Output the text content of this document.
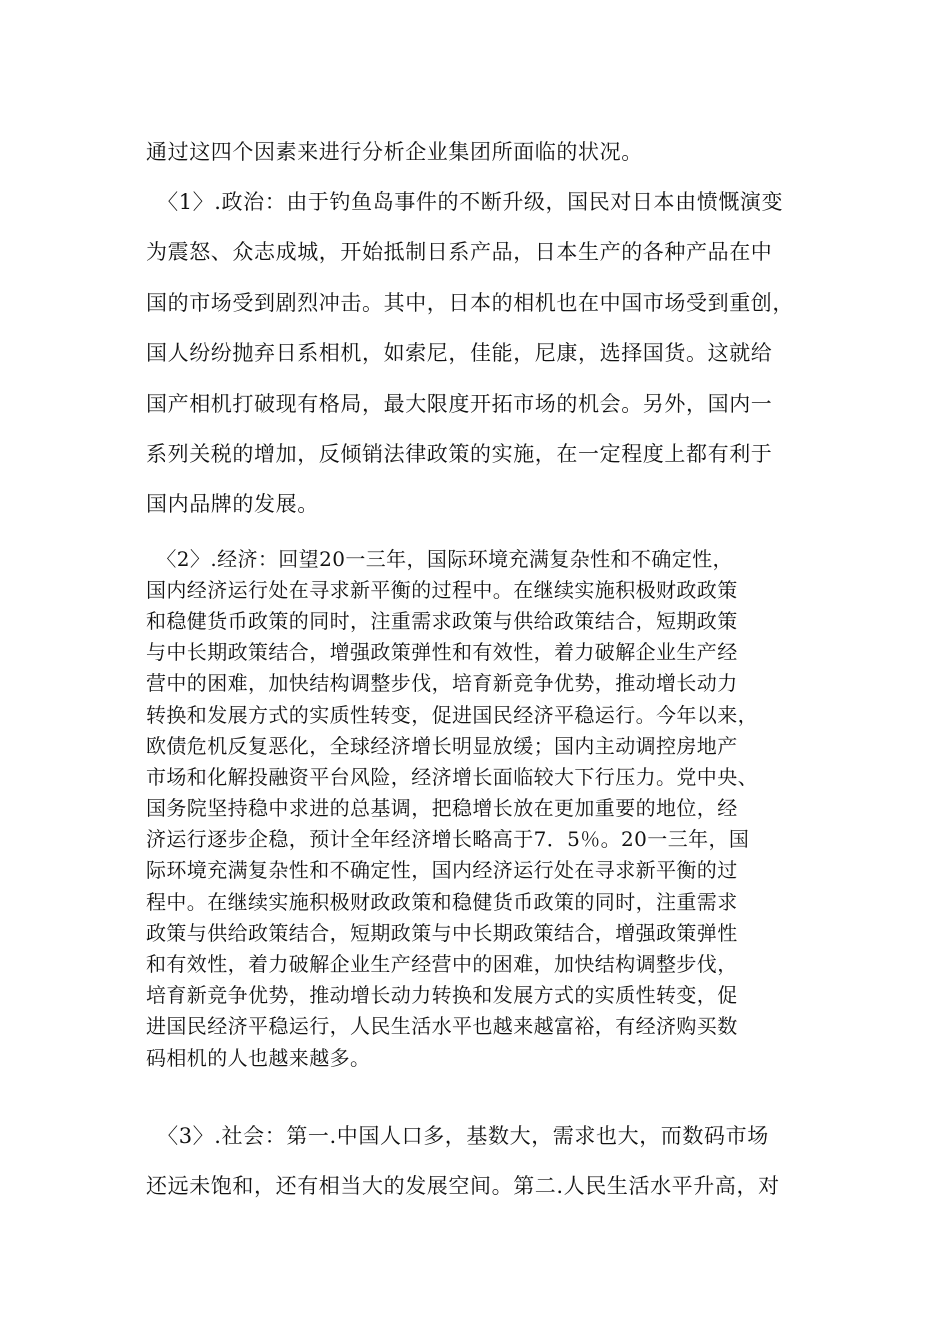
通过这四个因素来进行分析企业集团所面临的状况。
　〈1〉.政治：由于钓鱼岛事件的不断升级，国民对日本由愤慨演变
为震怒、众志成城，开始抵制日系产品，日本生产的各种产品在中
国的市场受到剧烈冲击。其中，日本的相机也在中国市场受到重创，
国人纷纷抛弃日系相机，如索尼，佳能，尼康，选择国货。这就给
国产相机打破现有格局，最大限度开拓市场的机会。另外，国内一
系列关税的增加，反倾销法律政策的实施，在一定程度上都有利于
国内品牌的发展。
　〈2〉.经济：回望20一三年，国际环境充满复杂性和不确定性，
国内经济运行处在寻求新平衡的过程中。在继续实施积极财政政策
和稳健货币政策的同时，注重需求政策与供给政策结合，短期政策
与中长期政策结合，增强政策弹性和有效性，着力破解企业生产经
营中的困难，加快结构调整步伐，培育新竞争优势，推动增长动力
转换和发展方式的实质性转变，促进国民经济平稳运行。今年以来，
欧债危机反复恶化，全球经济增长明显放缓；国内主动调控房地产
市场和化解投融资平台风险，经济增长面临较大下行压力。党中央、
国务院坚持稳中求进的总基调，把稳增长放在更加重要的地位，经
济运行逐步企稳，预计全年经济增长略高于7．5％。20一三年，国
际环境充满复杂性和不确定性，国内经济运行处在寻求新平衡的过
程中。在继续实施积极财政政策和稳健货币政策的同时，注重需求
政策与供给政策结合，短期政策与中长期政策结合，增强政策弹性
和有效性，着力破解企业生产经营中的困难，加快结构调整步伐，
培育新竞争优势，推动增长动力转换和发展方式的实质性转变，促
进国民经济平稳运行，人民生活水平也越来越富裕，有经济购买数
码相机的人也越来越多。
　〈3〉.社会：第一.中国人口多，基数大，需求也大，而数码市场
还远未饱和，还有相当大的发展空间。第二.人民生活水平升高，对
